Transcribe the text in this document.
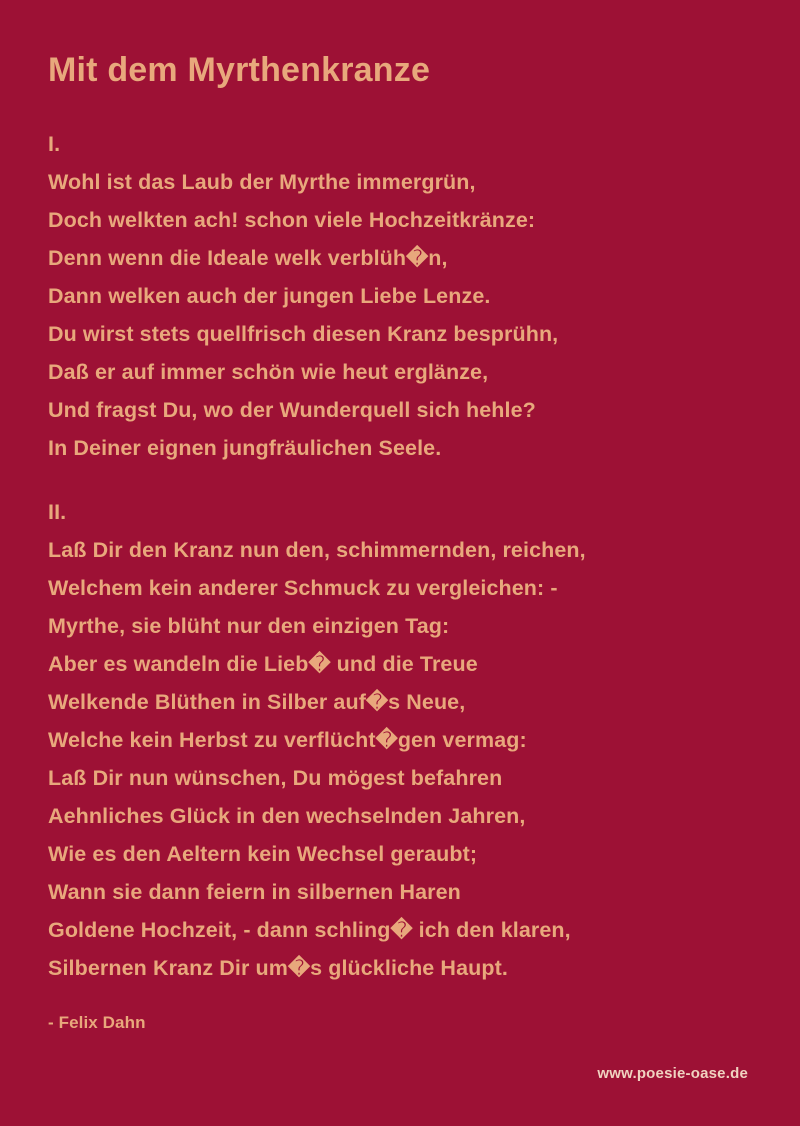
Mit dem Myrthenkranze
I.
Wohl ist das Laub der Myrthe immergrün,
Doch welkten ach! schon viele Hochzeitkränze:
Denn wenn die Ideale welk verblüh�n,
Dann welken auch der jungen Liebe Lenze.
Du wirst stets quellfrisch diesen Kranz besprühn,
Daß er auf immer schön wie heut erglänze,
Und fragst Du, wo der Wunderquell sich hehle?
In Deiner eignen jungfräulichen Seele.
II.
Laß Dir den Kranz nun den, schimmernden, reichen,
Welchem kein anderer Schmuck zu vergleichen: -
Myrthe, sie blüht nur den einzigen Tag:
Aber es wandeln die Lieb� und die Treue
Welkende Blüthen in Silber auf�s Neue,
Welche kein Herbst zu verflücht�gen vermag:
Laß Dir nun wünschen, Du mögest befahren
Aehnliches Glück in den wechselnden Jahren,
Wie es den Aeltern kein Wechsel geraubt;
Wann sie dann feiern in silbernen Haren
Goldene Hochzeit, - dann schling� ich den klaren,
Silbernen Kranz Dir um�s glückliche Haupt.
- Felix Dahn
www.poesie-oase.de
